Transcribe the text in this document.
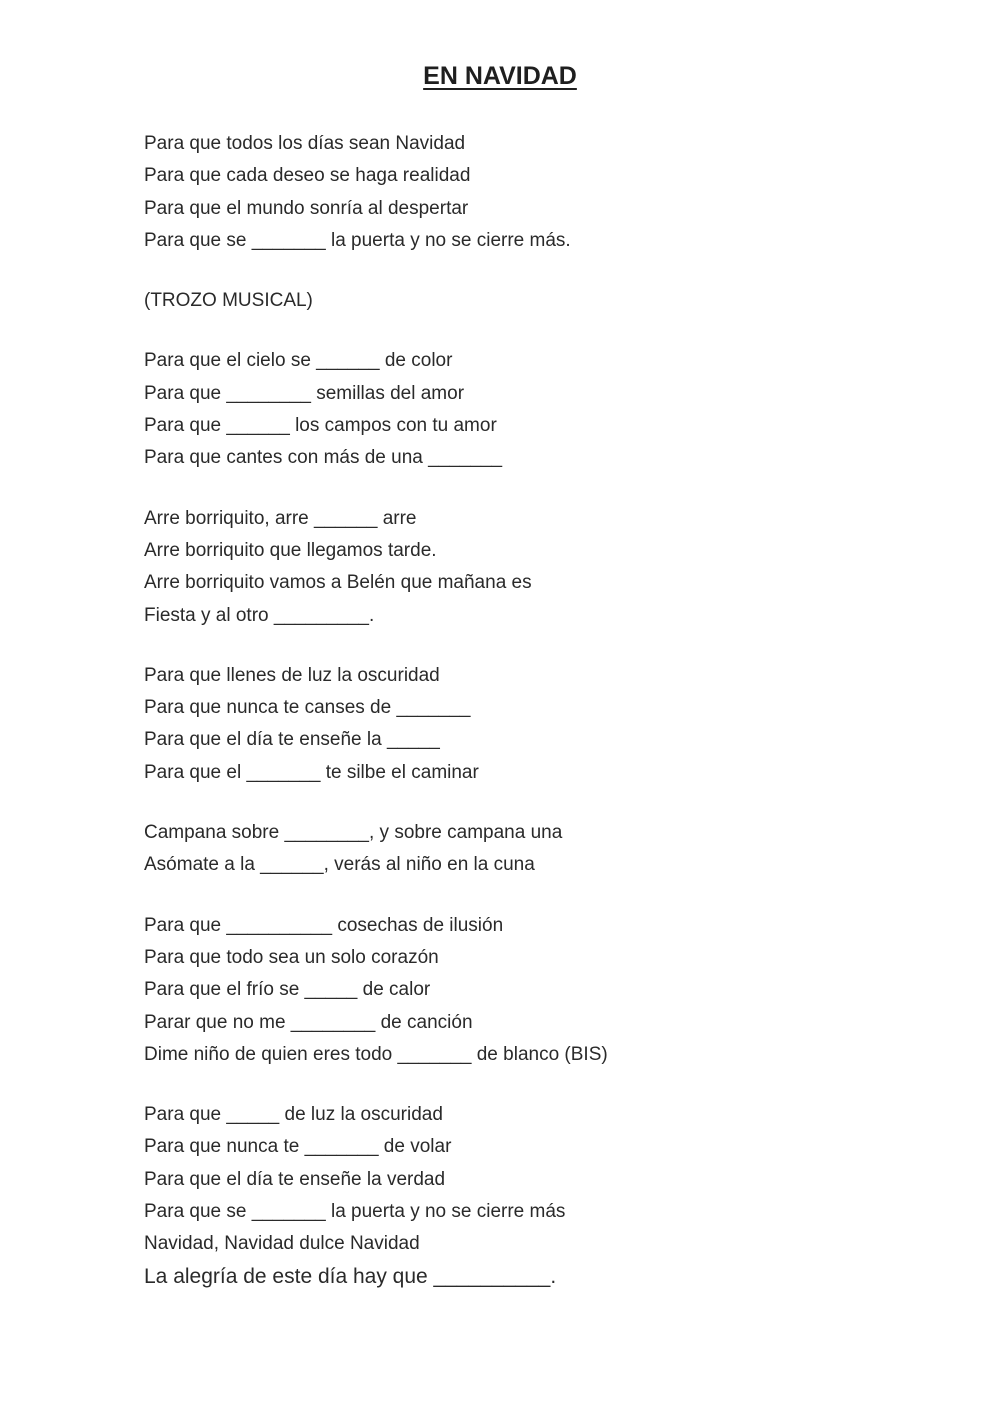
EN NAVIDAD

Para que todos los días sean Navidad

Para que cada deseo se haga realidad

Para que el mundo sonría al despertar

Para que se _______ la puerta y no se cierre más.

(TROZO MUSICAL)

Para que el cielo se ______ de color

Para que ________ semillas del amor

Para que ______ los campos con tu amor

Para que cantes con más de una _______

Arre borriquito, arre ______ arre

Arre borriquito que llegamos tarde.

Arre borriquito vamos a Belén que mañana es

Fiesta y al otro _________.

Para que llenes de luz la oscuridad

Para que nunca te canses de _______

Para que el día te enseñe la _____

Para que el _______ te silbe el caminar

Campana sobre ________, y sobre campana una

Asómate a la ______, verás al niño en la cuna

Para que __________ cosechas de ilusión

Para que todo sea un solo corazón

Para que el frío se _____ de calor

Parar que no me ________ de canción

Dime niño de quien eres todo _______ de blanco (BIS)

Para que _____ de luz la oscuridad

Para que nunca te _______ de volar

Para que el día te enseñe la verdad

Para que se _______ la puerta y no se cierre más

Navidad, Navidad dulce Navidad

La alegría de este día hay que __________.
